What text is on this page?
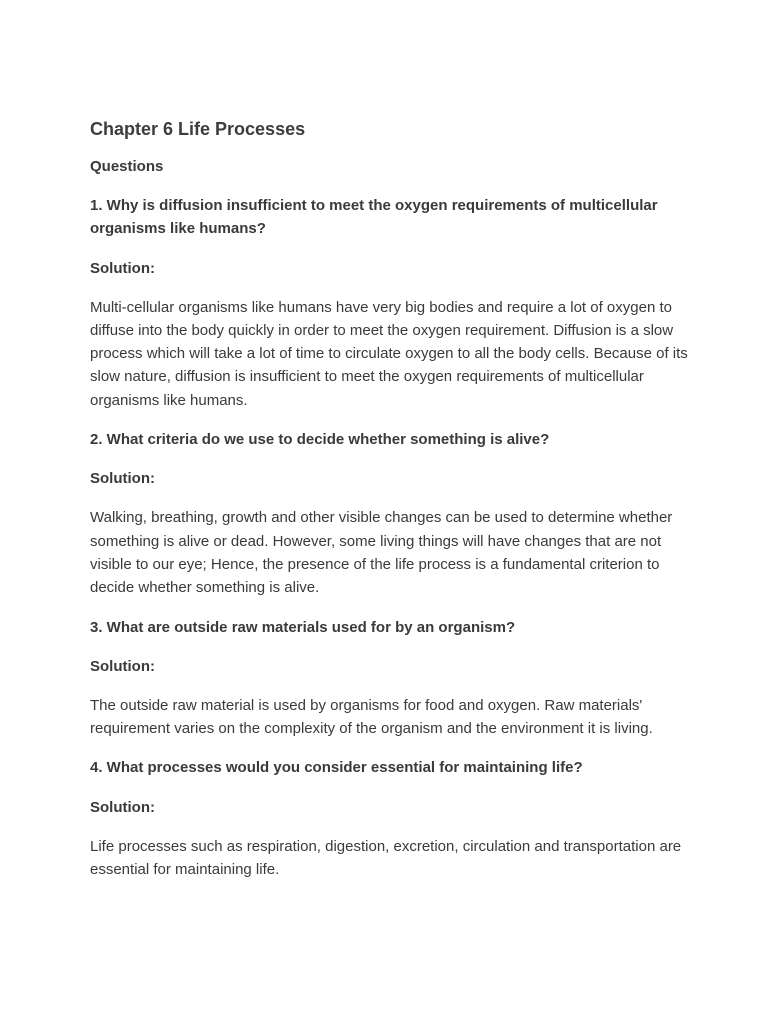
Chapter 6 Life Processes
Questions
1. Why is diffusion insufficient to meet the oxygen requirements of multicellular organisms like humans?
Solution:
Multi-cellular organisms like humans have very big bodies and require a lot of oxygen to diffuse into the body quickly in order to meet the oxygen requirement. Diffusion is a slow process which will take a lot of time to circulate oxygen to all the body cells. Because of its slow nature, diffusion is insufficient to meet the oxygen requirements of multicellular organisms like humans.
2. What criteria do we use to decide whether something is alive?
Solution:
Walking, breathing, growth and other visible changes can be used to determine whether something is alive or dead. However, some living things will have changes that are not visible to our eye; Hence, the presence of the life process is a fundamental criterion to decide whether something is alive.
3. What are outside raw materials used for by an organism?
Solution:
The outside raw material is used by organisms for food and oxygen. Raw materials' requirement varies on the complexity of the organism and the environment it is living.
4. What processes would you consider essential for maintaining life?
Solution:
Life processes such as respiration, digestion, excretion, circulation and transportation are essential for maintaining life.
